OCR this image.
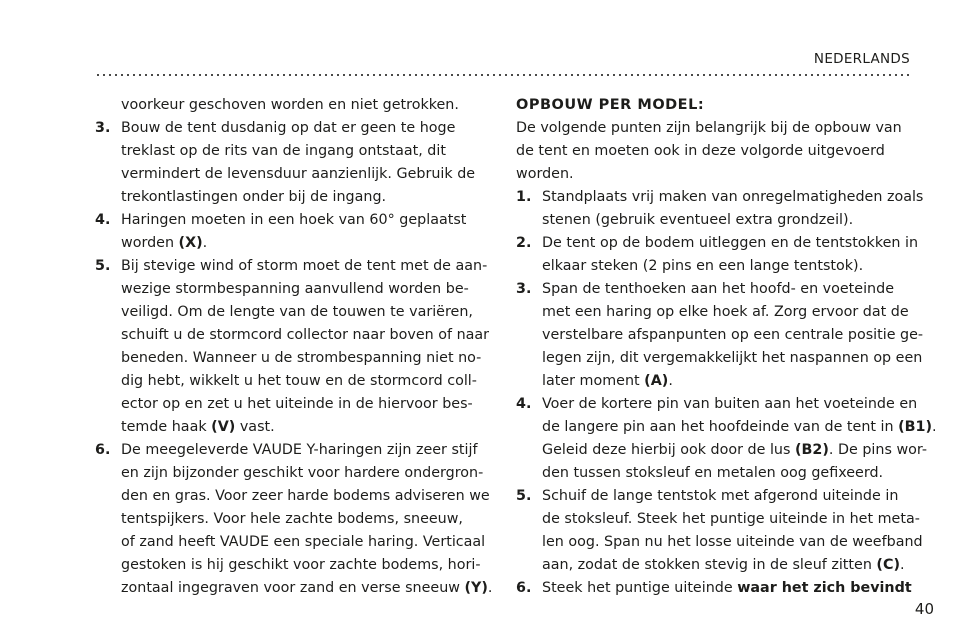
NEDERLANDS
voorkeur geschoven worden en niet getrokken.
3. Bouw de tent dusdanig op dat er geen te hoge
treklast op de rits van de ingang ontstaat, dit
vermindert de levensduur aanzienlijk. Gebruik de
trekontlastingen onder bij de ingang.
4. Haringen moeten in een hoek van 60° geplaatst
worden (X).
5. Bij stevige wind of storm moet de tent met de aan-
wezige stormbespanning aanvullend worden be-
veiligd. Om de lengte van de touwen te variëren,
schuift u de stormcord collector naar boven of naar
beneden. Wanneer u de strombespanning niet no-
dig hebt, wikkelt u het touw en de stormcord coll-
ector op en zet u het uiteinde in de hiervoor bes-
temde haak (V) vast.
6. De meegeleverde VAUDE Y-haringen zijn zeer stijf
en zijn bijzonder geschikt voor hardere ondergron-
den en gras. Voor zeer harde bodems adviseren we
tentspijkers. Voor hele zachte bodems, sneeuw,
of zand heeft VAUDE een speciale haring. Verticaal
gestoken is hij geschikt voor zachte bodems, hori-
zontaal ingegraven voor zand en verse sneeuw (Y).
OPBOUW PER MODEL:
De volgende punten zijn belangrijk bij de opbouw van
de tent en moeten ook in deze volgorde uitgevoerd
worden.
1. Standplaats vrij maken van onregelmatigheden zoals
stenen (gebruik eventueel extra grondzeil).
2. De tent op de bodem uitleggen en de tentstokken in
elkaar steken (2 pins en een lange tentstok).
3. Span de tenthoeken aan het hoofd- en voeteinde
met een haring op elke hoek af. Zorg ervoor dat de
verstelbare afspanpunten op een centrale positie ge-
legen zijn, dit vergemakkelijkt het naspannen op een
later moment (A).
4. Voer de kortere pin van buiten aan het voeteinde en
de langere pin aan het hoofdeinde van de tent in (B1).
Geleid deze hierbij ook door de lus (B2). De pins wor-
den tussen stoksleuf en metalen oog gefixeerd.
5. Schuif de lange tentstok met afgerond uiteinde in
de stoksleuf. Steek het puntige uiteinde in het meta-
len oog. Span nu het losse uiteinde van de weefband
aan, zodat de stokken stevig in de sleuf zitten (C).
6. Steek het puntige uiteinde waar het zich bevindt
40
